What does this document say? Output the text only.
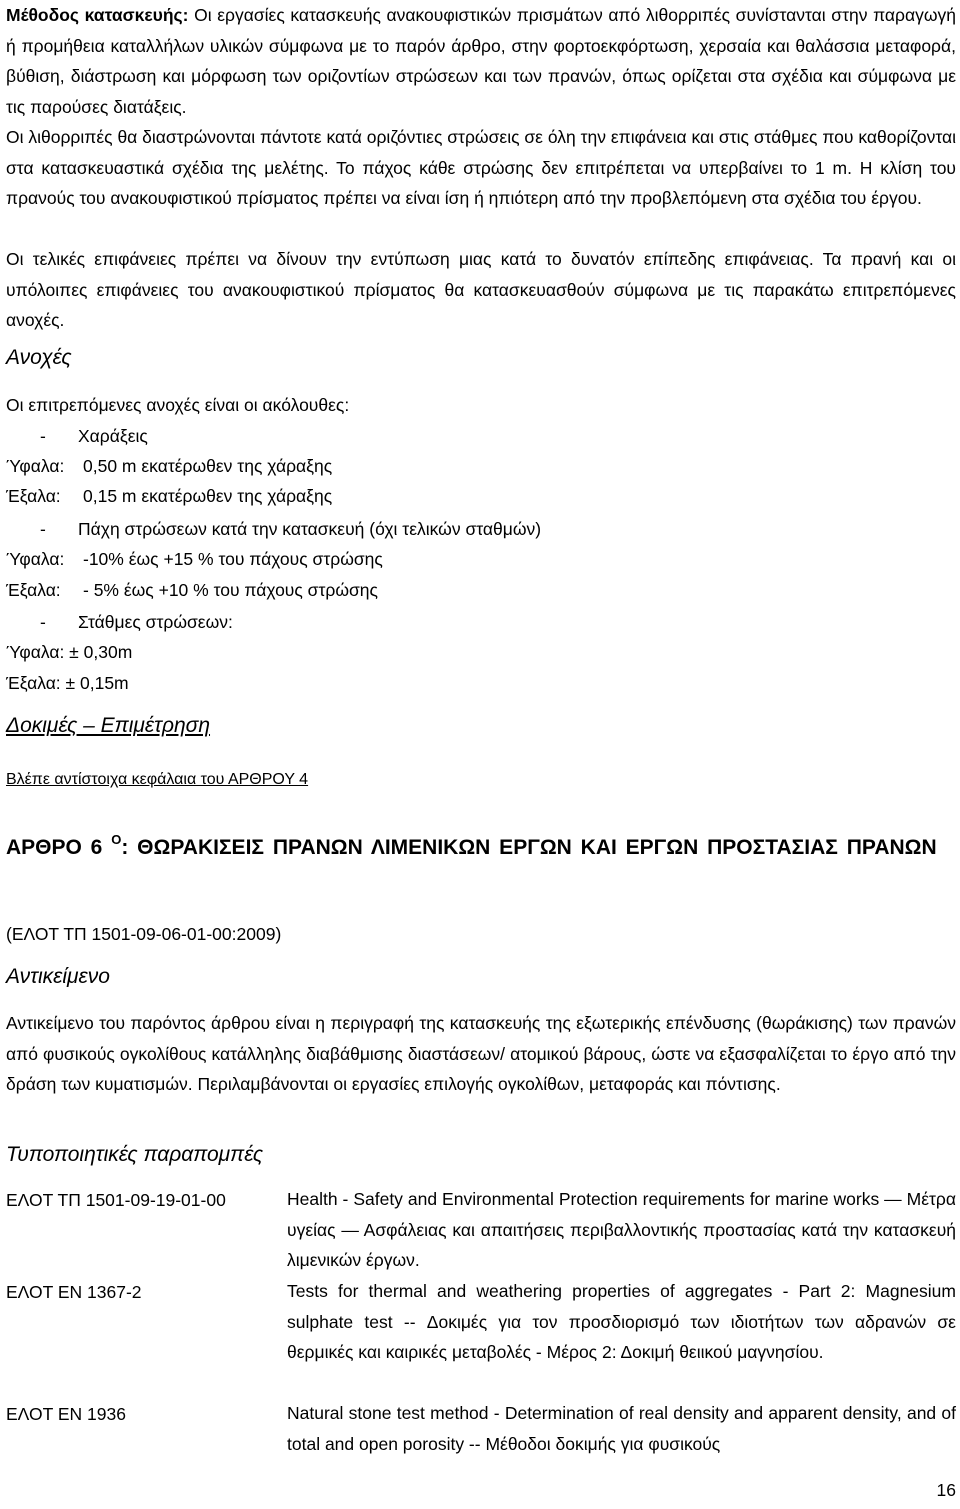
Μέθοδος κατασκευής: Οι εργασίες κατασκευής ανακουφιστικών πρισμάτων από λιθορριπές συνίστανται στην παραγωγή ή προμήθεια καταλλήλων υλικών σύμφωνα με το παρόν άρθρο, στην φορτοεκφόρτωση, χερσαία και θαλάσσια μεταφορά, βύθιση, διάστρωση και μόρφωση των οριζοντίων στρώσεων και των πρανών, όπως ορίζεται στα σχέδια και σύμφωνα με τις παρούσες διατάξεις.
Οι λιθορριπές θα διαστρώνονται πάντοτε κατά οριζόντιες στρώσεις σε όλη την επιφάνεια και στις στάθμες που καθορίζονται στα κατασκευαστικά σχέδια της μελέτης. Το πάχος κάθε στρώσης δεν επιτρέπεται να υπερβαίνει το 1 m. Η κλίση του πρανούς του ανακουφιστικού πρίσματος πρέπει να είναι ίση ή ηπιότερη από την προβλεπόμενη στα σχέδια του έργου.
Οι τελικές επιφάνειες πρέπει να δίνουν την εντύπωση μιας κατά το δυνατόν επίπεδης επιφάνειας. Τα πρανή και οι υπόλοιπες επιφάνειες του ανακουφιστικού πρίσματος θα κατασκευασθούν σύμφωνα με τις παρακάτω επιτρεπόμενες ανοχές.
Ανοχές
Οι επιτρεπόμενες ανοχές είναι οι ακόλουθες:
- Χαράξεις
Ύφαλα: 0,50 m εκατέρωθεν της χάραξης
Έξαλα: 0,15 m εκατέρωθεν της χάραξης
- Πάχη στρώσεων κατά την κατασκευή (όχι τελικών σταθμών)
Ύφαλα: -10% έως +15 % του πάχους στρώσης
Έξαλα: - 5% έως +10 % του πάχους στρώσης
- Στάθμες στρώσεων:
Ύφαλα: ± 0,30m
Έξαλα: ± 0,15m
Δοκιμές – Επιμέτρηση
Βλέπε αντίστοιχα κεφάλαια του ΑΡΘΡΟΥ 4
ΑΡΘΡΟ 6 $^O$: ΘΩΡΑΚΙΣΕΙΣ ΠΡΑΝΩΝ ΛΙΜΕΝΙΚΩΝ ΕΡΓΩΝ ΚΑΙ ΕΡΓΩΝ ΠΡΟΣΤΑΣΙΑΣ ΠΡΑΝΩΝ
(ΕΛΟΤ ΤΠ 1501-09-06-01-00:2009)
Αντικείμενο
Αντικείμενο του παρόντος άρθρου είναι η περιγραφή της κατασκευής της εξωτερικής επένδυσης (θωράκισης) των πρανών από φυσικούς ογκολίθους κατάλληλης διαβάθμισης διαστάσεων/ ατομικού βάρους, ώστε να εξασφαλίζεται το έργο από την δράση των κυματισμών. Περιλαμβάνονται οι εργασίες επιλογής ογκολίθων, μεταφοράς και πόντισης.
Τυποποιητικές παραπομπές
ΕΛΟΤ ΤΠ 1501-09-19-01-00	Health - Safety and Environmental Protection requirements for marine works — Μέτρα υγείας — Ασφάλειας και απαιτήσεις περιβαλλοντικής προστασίας κατά την κατασκευή λιμενικών έργων.
ΕΛΟΤ ΕΝ 1367-2	Tests for thermal and weathering properties of aggregates - Part 2: Magnesium sulphate test -- Δοκιμές για τον προσδιορισμό των ιδιοτήτων των αδρανών σε θερμικές και καιρικές μεταβολές - Μέρος 2: Δοκιμή θειικού μαγνησίου.
ΕΛΟΤ ΕΝ 1936	Natural stone test method - Determination of real density and apparent density, and of total and open porosity -- Μέθοδοι δοκιμής για φυσικούς
16
